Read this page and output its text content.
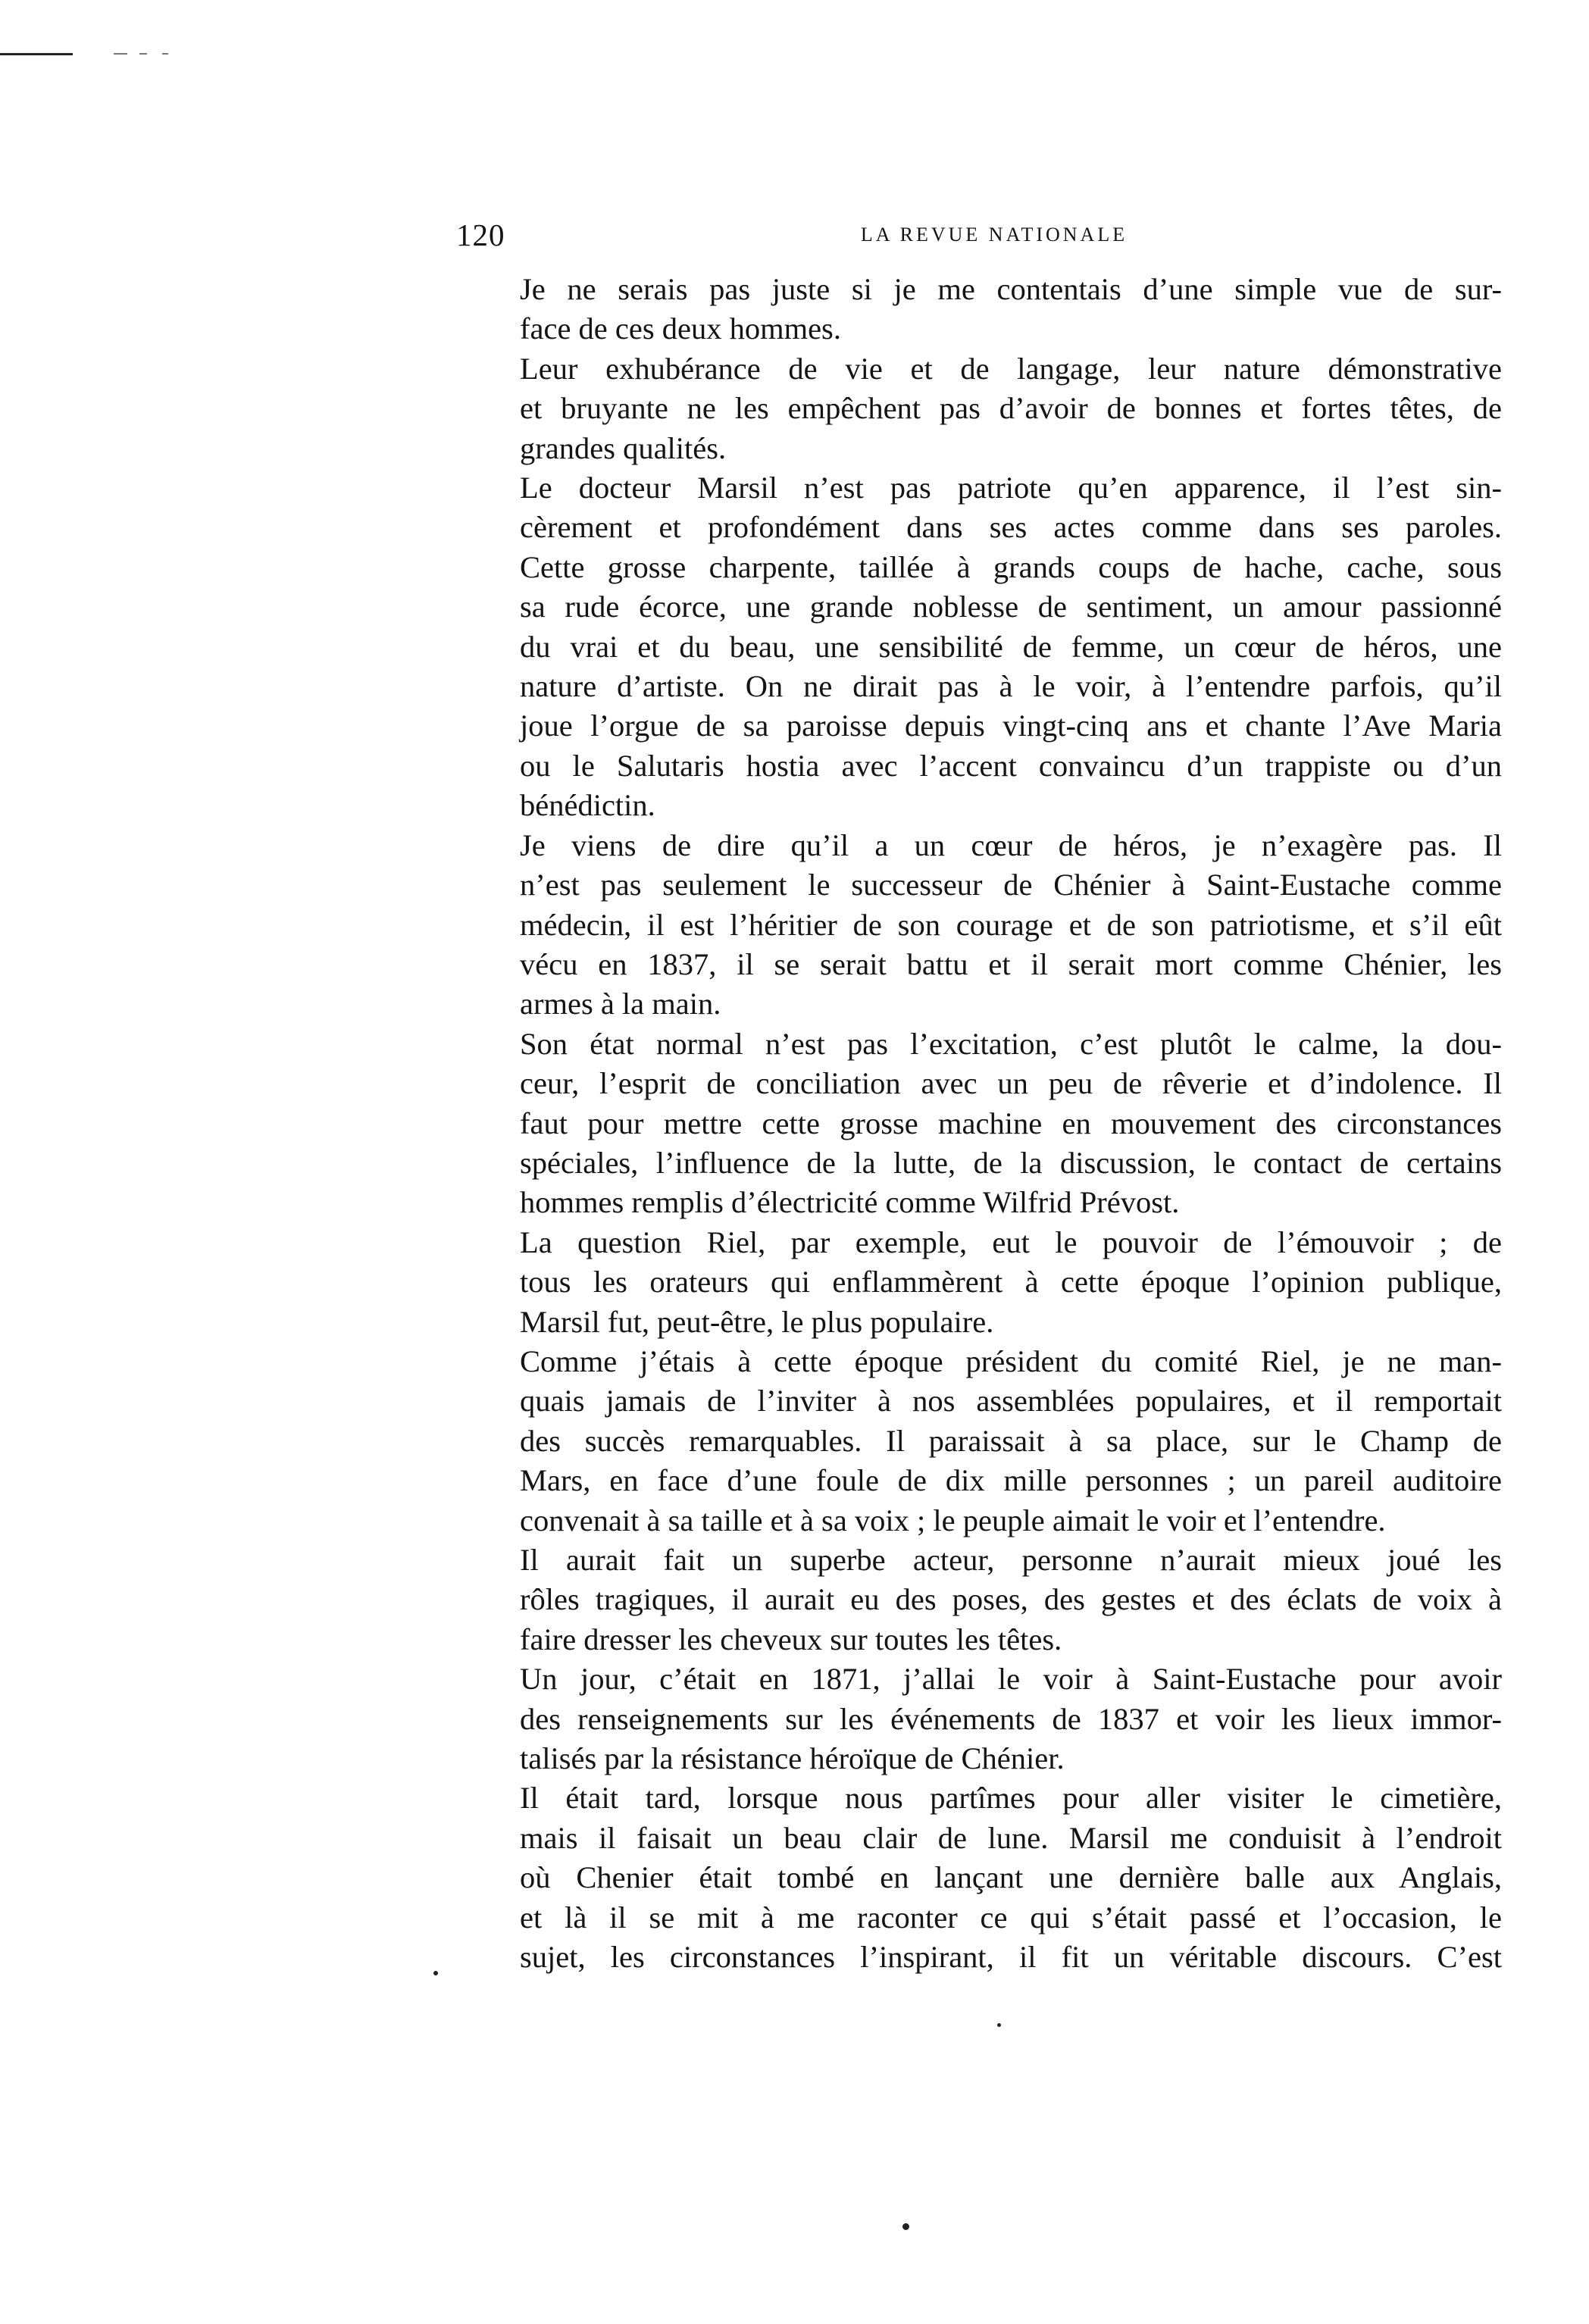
120	LA REVUE NATIONALE

Je ne serais pas juste si je me contentais d’une simple vue de sur-
face de ces deux hommes.

Leur exhubérance de vie et de langage, leur nature démonstrative
et bruyante ne les empêchent pas d’avoir de bonnes et fortes têtes, de
grandes qualités.

Le docteur Marsil n’est pas patriote qu’en apparence, il l’est sin-
cèrement et profondément dans ses actes comme dans ses paroles.
Cette grosse charpente, taillée à grands coups de hache, cache, sous
sa rude écorce, une grande noblesse de sentiment, un amour passionné
du vrai et du beau, une sensibilité de femme, un cœur de héros, une
nature d’artiste. On ne dirait pas à le voir, à l’entendre parfois, qu’il
joue l’orgue de sa paroisse depuis vingt-cinq ans et chante l’Ave Maria
ou le Salutaris hostia avec l’accent convaincu d’un trappiste ou d’un
bénédictin.

Je viens de dire qu’il a un cœur de héros, je n’exagère pas. Il
n’est pas seulement le successeur de Chénier à Saint-Eustache comme
médecin, il est l’héritier de son courage et de son patriotisme, et s’il eût
vécu en 1837, il se serait battu et il serait mort comme Chénier, les
armes à la main.

Son état normal n’est pas l’excitation, c’est plutôt le calme, la dou-
ceur, l’esprit de conciliation avec un peu de rêverie et d’indolence. Il
faut pour mettre cette grosse machine en mouvement des circonstances
spéciales, l’influence de la lutte, de la discussion, le contact de certains
hommes remplis d’électricité comme Wilfrid Prévost.

La question Riel, par exemple, eut le pouvoir de l’émouvoir ; de
tous les orateurs qui enflammèrent à cette époque l’opinion publique,
Marsil fut, peut-être, le plus populaire.

Comme j’étais à cette époque président du comité Riel, je ne man-
quais jamais de l’inviter à nos assemblées populaires, et il remportait
des succès remarquables. Il paraissait à sa place, sur le Champ de
Mars, en face d’une foule de dix mille personnes ; un pareil auditoire
convenait à sa taille et à sa voix ; le peuple aimait le voir et l’entendre.

Il aurait fait un superbe acteur, personne n’aurait mieux joué les
rôles tragiques, il aurait eu des poses, des gestes et des éclats de voix à
faire dresser les cheveux sur toutes les têtes.

Un jour, c’était en 1871, j’allai le voir à Saint-Eustache pour avoir
des renseignements sur les événements de 1837 et voir les lieux immor-
talisés par la résistance héroïque de Chénier.

Il était tard, lorsque nous partîmes pour aller visiter le cimetière,
mais il faisait un beau clair de lune. Marsil me conduisit à l’endroit
où Chenier était tombé en lançant une dernière balle aux Anglais,
et là il se mit à me raconter ce qui s’était passé et l’occasion, le
sujet, les circonstances l’inspirant, il fit un véritable discours. C’est
